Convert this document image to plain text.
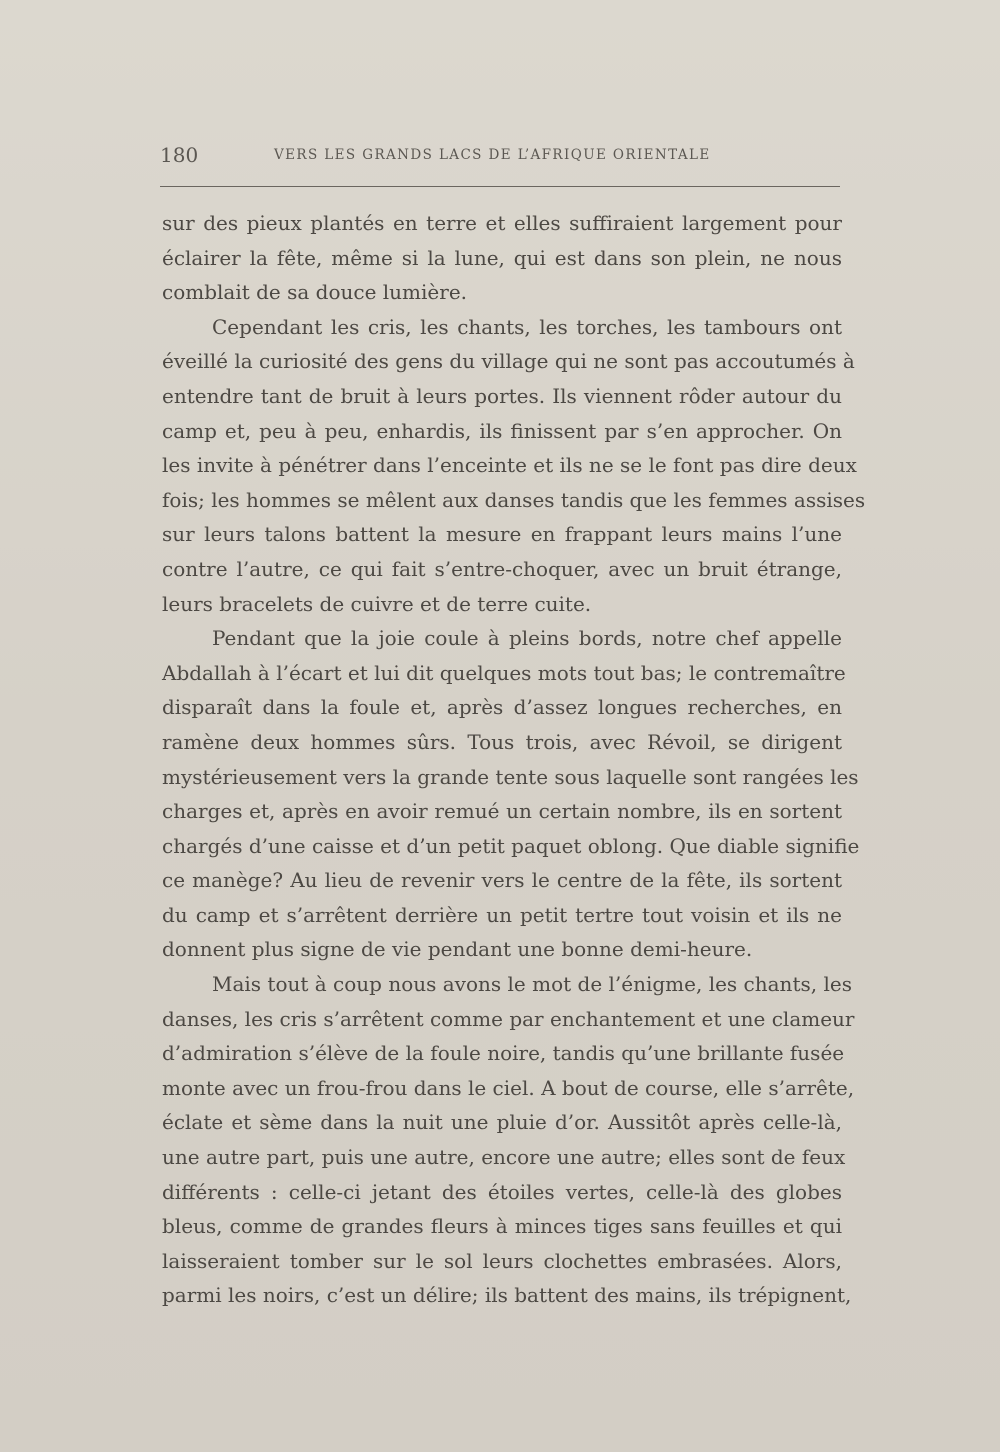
180	VERS LES GRANDS LACS DE L’AFRIQUE ORIENTALE
sur des pieux plantés en terre et elles suffiraient largement pour
éclairer la fête, même si la lune, qui est dans son plein, ne nous
comblait de sa douce lumière.
Cependant les cris, les chants, les torches, les tambours ont
éveillé la curiosité des gens du village qui ne sont pas accoutumés à
entendre tant de bruit à leurs portes. Ils viennent rôder autour du
camp et, peu à peu, enhardis, ils finissent par s’en approcher. On
les invite à pénétrer dans l’enceinte et ils ne se le font pas dire deux
fois; les hommes se mêlent aux danses tandis que les femmes assises
sur leurs talons battent la mesure en frappant leurs mains l’une
contre l’autre, ce qui fait s’entre-choquer, avec un bruit étrange,
leurs bracelets de cuivre et de terre cuite.
Pendant que la joie coule à pleins bords, notre chef appelle
Abdallah à l’écart et lui dit quelques mots tout bas; le contremaître
disparaît dans la foule et, après d’assez longues recherches, en
ramène deux hommes sûrs. Tous trois, avec Révoil, se dirigent
mystérieusement vers la grande tente sous laquelle sont rangées les
charges et, après en avoir remué un certain nombre, ils en sortent
chargés d’une caisse et d’un petit paquet oblong. Que diable signifie
ce manège? Au lieu de revenir vers le centre de la fête, ils sortent
du camp et s’arrêtent derrière un petit tertre tout voisin et ils ne
donnent plus signe de vie pendant une bonne demi-heure.
Mais tout à coup nous avons le mot de l’énigme, les chants, les
danses, les cris s’arrêtent comme par enchantement et une clameur
d’admiration s’élève de la foule noire, tandis qu’une brillante fusée
monte avec un frou-frou dans le ciel. A bout de course, elle s’arrête,
éclate et sème dans la nuit une pluie d’or. Aussitôt après celle-là,
une autre part, puis une autre, encore une autre; elles sont de feux
différents : celle-ci jetant des étoiles vertes, celle-là des globes
bleus, comme de grandes fleurs à minces tiges sans feuilles et qui
laisseraient tomber sur le sol leurs clochettes embrasées. Alors,
parmi les noirs, c’est un délire; ils battent des mains, ils trépignent,
